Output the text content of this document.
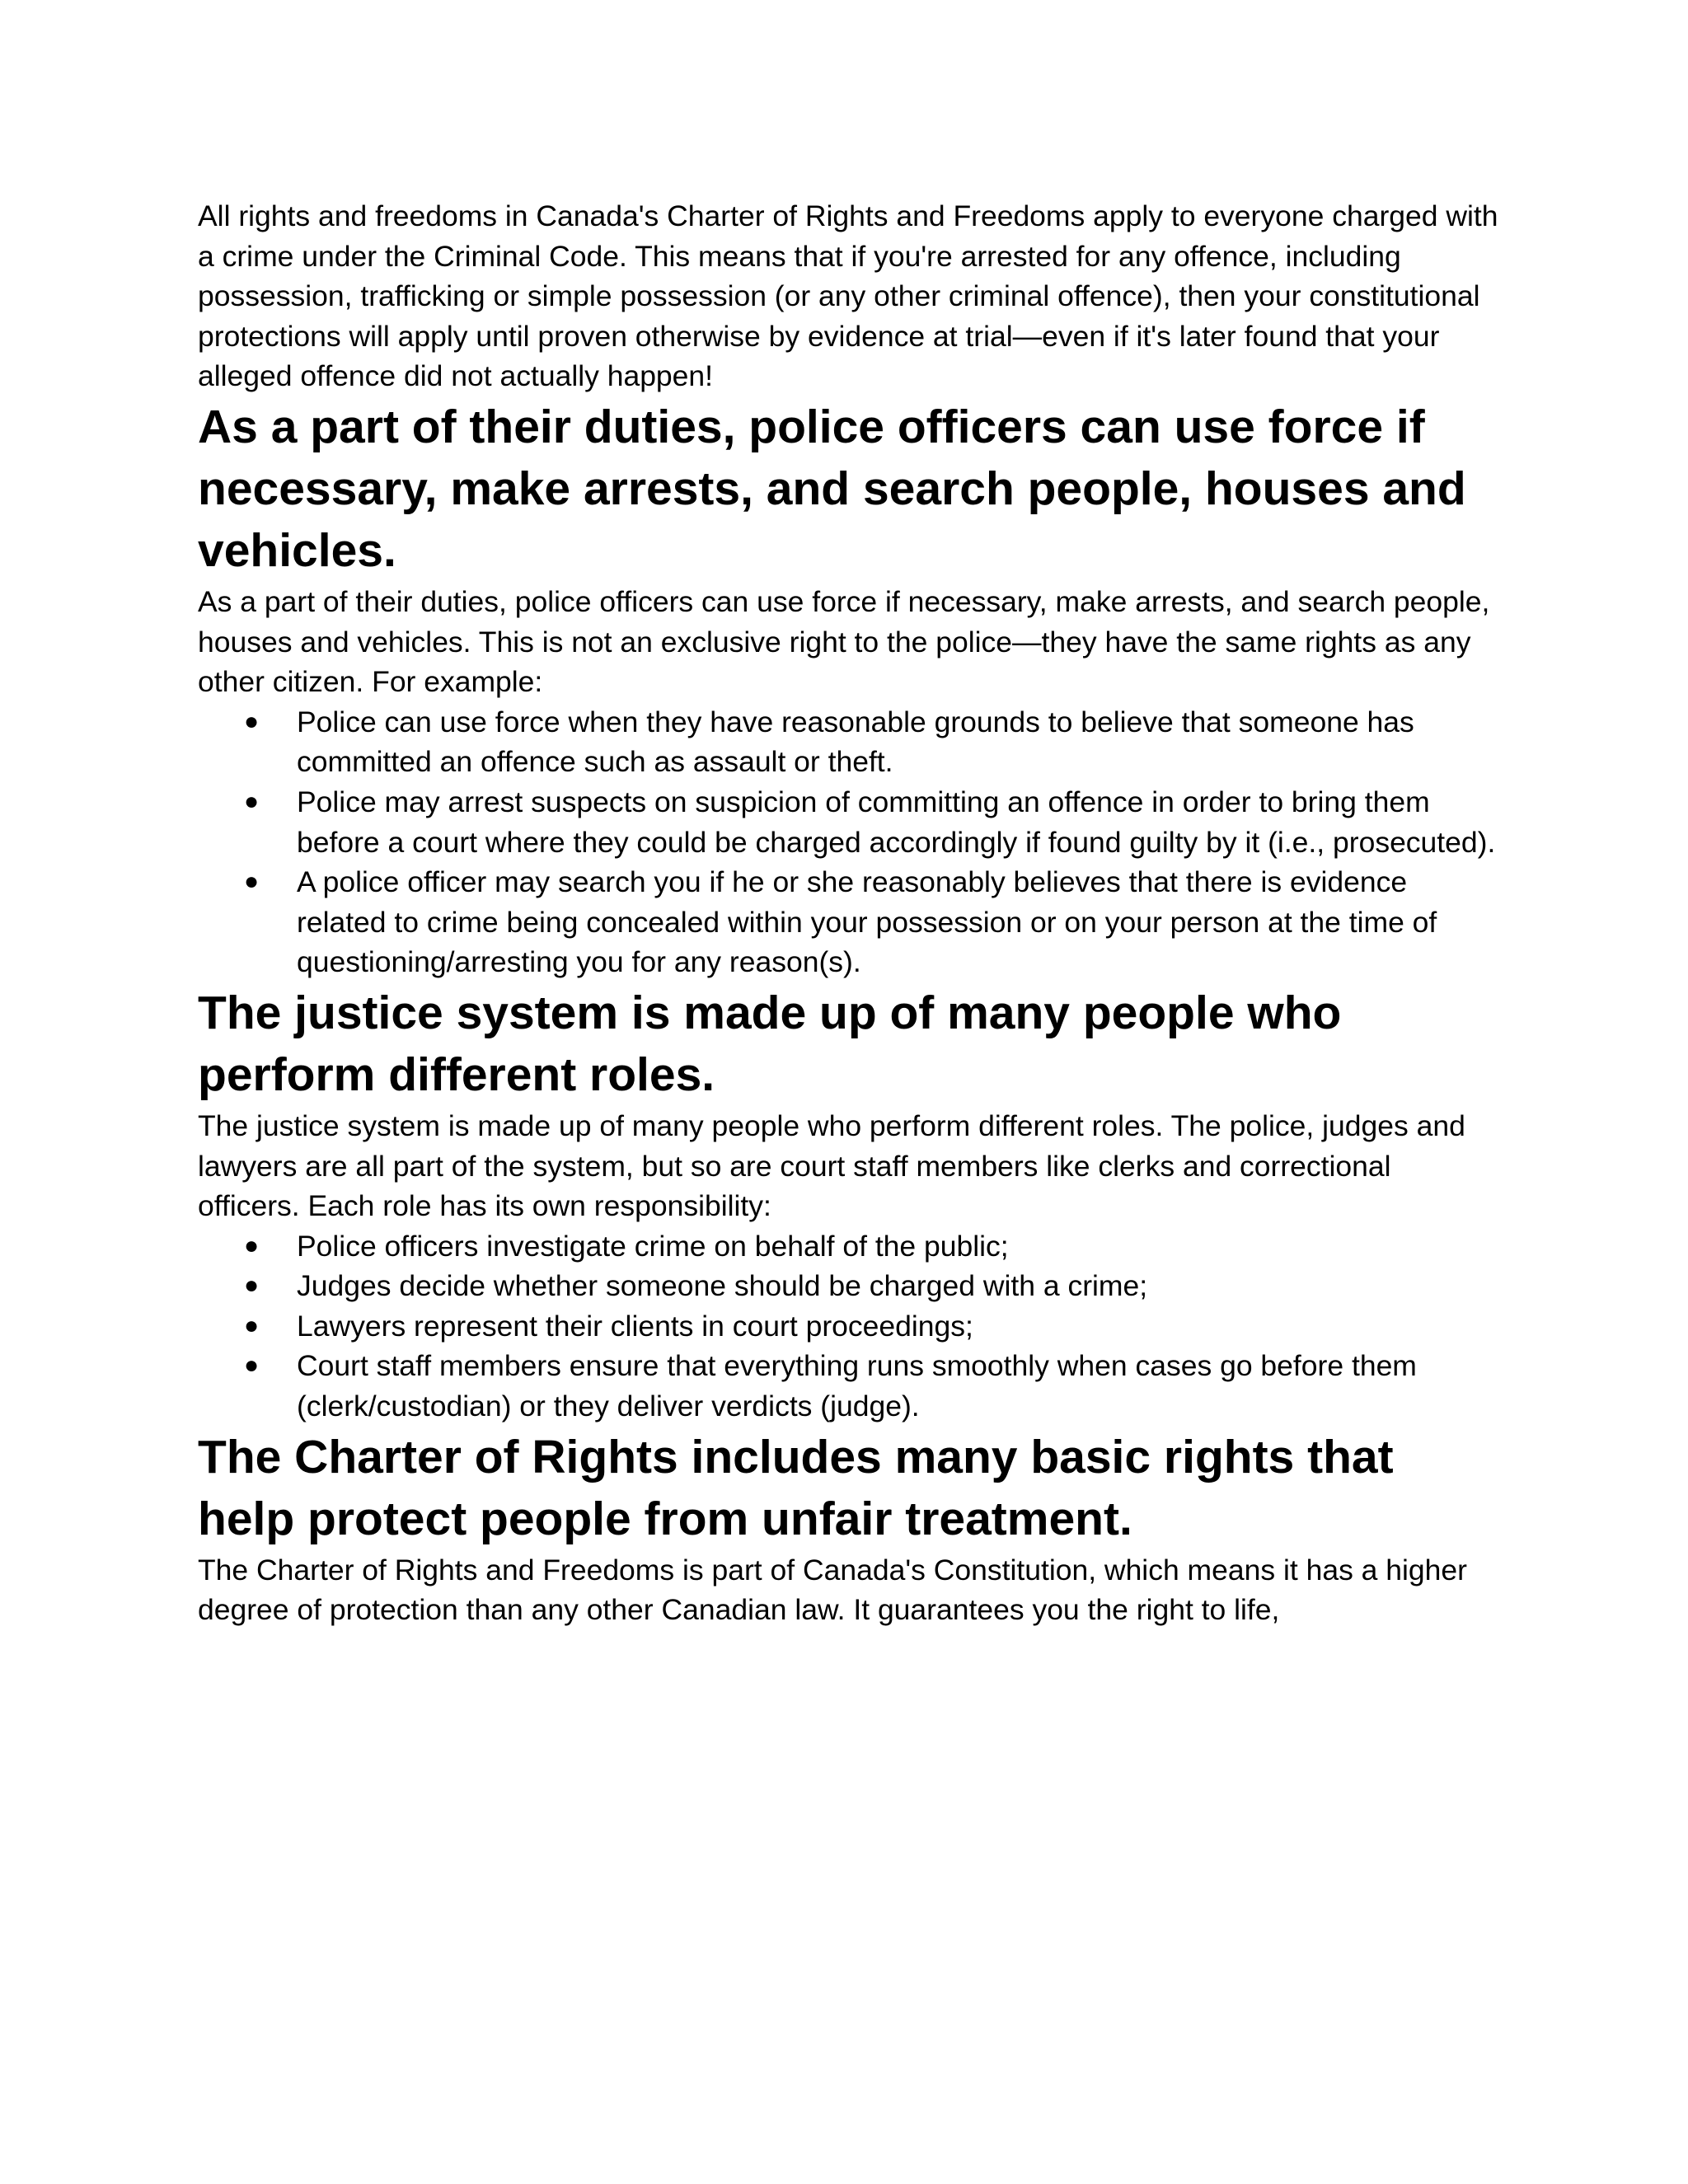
All rights and freedoms in Canada's Charter of Rights and Freedoms apply to everyone charged with a crime under the Criminal Code. This means that if you're arrested for any offence, including possession, trafficking or simple possession (or any other criminal offence), then your constitutional protections will apply until proven otherwise by evidence at trial—even if it's later found that your alleged offence did not actually happen!

As a part of their duties, police officers can use force if necessary, make arrests, and search people, houses and vehicles.

As a part of their duties, police officers can use force if necessary, make arrests, and search people, houses and vehicles. This is not an exclusive right to the police—they have the same rights as any other citizen. For example:

● Police can use force when they have reasonable grounds to believe that someone has committed an offence such as assault or theft.
● Police may arrest suspects on suspicion of committing an offence in order to bring them before a court where they could be charged accordingly if found guilty by it (i.e., prosecuted).
● A police officer may search you if he or she reasonably believes that there is evidence related to crime being concealed within your possession or on your person at the time of questioning/arresting you for any reason(s).
The justice system is made up of many people who perform different roles.

The justice system is made up of many people who perform different roles. The police, judges and lawyers are all part of the system, but so are court staff members like clerks and correctional officers. Each role has its own responsibility:

● Police officers investigate crime on behalf of the public;
● Judges decide whether someone should be charged with a crime;
● Lawyers represent their clients in court proceedings;
● Court staff members ensure that everything runs smoothly when cases go before them (clerk/custodian) or they deliver verdicts (judge).
The Charter of Rights includes many basic rights that help protect people from unfair treatment.

The Charter of Rights and Freedoms is part of Canada's Constitution, which means it has a higher degree of protection than any other Canadian law. It guarantees you the right to life,
